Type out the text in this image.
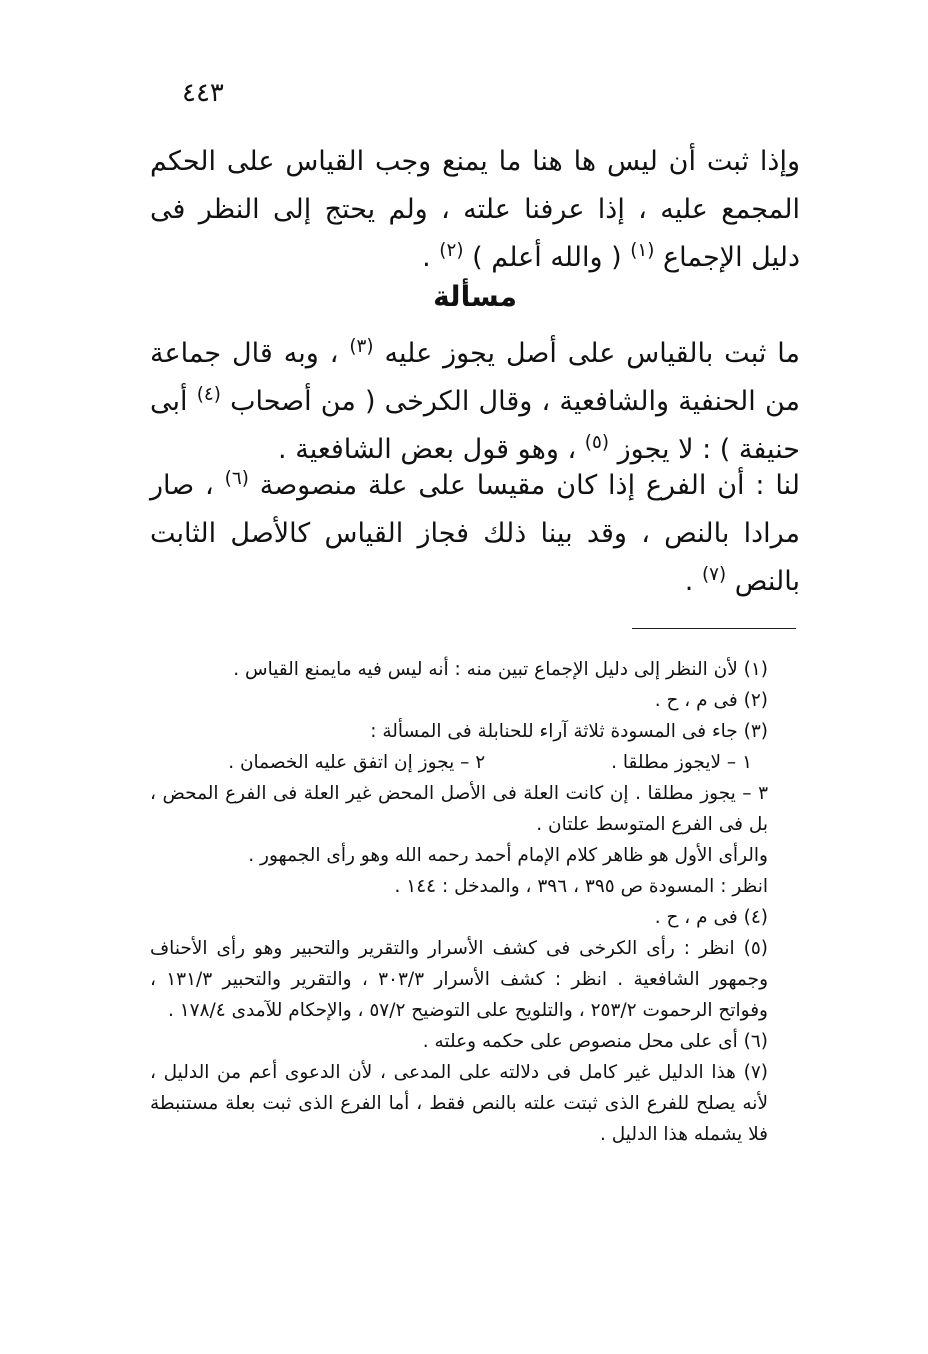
٤٤٣
وإذا ثبت أن ليس ها هنا ما يمنع وجب القياس على الحكم المجمع عليه ، إذا عرفنا علته ، ولم يحتج إلى النظر فى دليل الإجماع $^{(١)}$ ( والله أعلم ) $^{(٢)}$ .
مسألة
ما ثبت بالقياس على أصل يجوز عليه $^{(٣)}$ ، وبه قال جماعة من الحنفية والشافعية ، وقال الكرخى ( من أصحاب $^{(٤)}$ أبى حنيفة ) : لا يجوز $^{(٥)}$ ، وهو قول بعض الشافعية .
لنا : أن الفرع إذا كان مقيسا على علة منصوصة $^{(٦)}$ ، صار مرادا بالنص ، وقد بينا ذلك فجاز القياس كالأصل الثابت بالنص $^{(٧)}$ .

(١) لأن النظر إلى دليل الإجماع تبين منه : أنه ليس فيه مايمنع القياس .

(٢) فى م ، ح .

(٣) جاء فى المسودة ثلاثة آراء للحنابلة فى المسألة :

١ – لايجوز مطلقا . ٢ – يجوز إن اتفق عليه الخصمان .

٣ – يجوز مطلقا . إن كانت العلة فى الأصل المحض غير العلة فى الفرع المحض ، بل فى الفرع المتوسط علتان .

والرأى الأول هو ظاهر كلام الإمام أحمد رحمه الله وهو رأى الجمهور .

انظر : المسودة ص ٣٩٥ ، ٣٩٦ ، والمدخل : ١٤٤ .

(٤) فى م ، ح .

(٥) انظر : رأى الكرخى فى كشف الأسرار والتقرير والتحبير وهو رأى الأحناف وجمهور الشافعية . انظر : كشف الأسرار ٣٠٣/٣ ، والتقرير والتحبير ١٣١/٣ ، وفواتح الرحموت ٢٥٣/٢ ، والتلويح على التوضيح ٥٧/٢ ، والإحكام للآمدى ١٧٨/٤ .

(٦) أى على محل منصوص على حكمه وعلته .

(٧) هذا الدليل غير كامل فى دلالته على المدعى ، لأن الدعوى أعم من الدليل ، لأنه يصلح للفرع الذى ثبتت علته بالنص فقط ، أما الفرع الذى ثبت بعلة مستنبطة فلا يشمله هذا الدليل .
